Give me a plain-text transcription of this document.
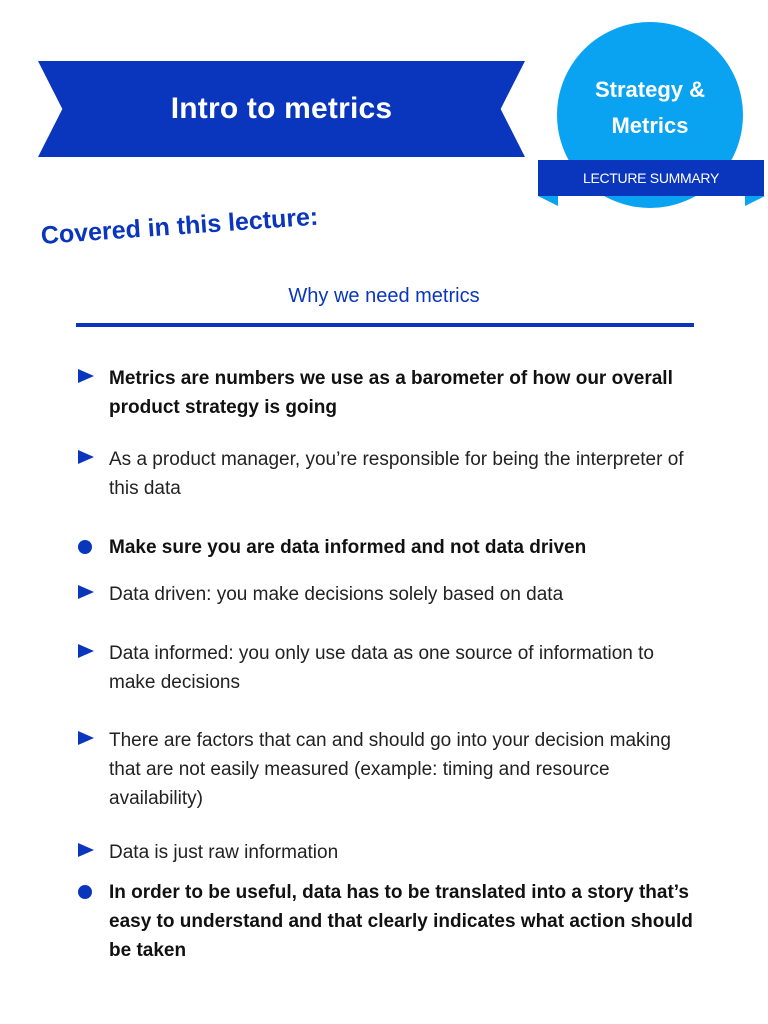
Intro to metrics
Strategy &
Metrics
LECTURE SUMMARY
Covered in this lecture:
Why we need metrics
Metrics are numbers we use as a barometer of how our overall product strategy is going
As a product manager, you’re responsible for being the interpreter of this data
Make sure you are data informed and not data driven
Data driven: you make decisions solely based on data
Data informed: you only use data as one source of information to make decisions
There are factors that can and should go into your decision making that are not easily measured (example: timing and resource availability)
Data is just raw information
In order to be useful, data has to be translated into a story that’s easy to understand and that clearly indicates what action should be taken
